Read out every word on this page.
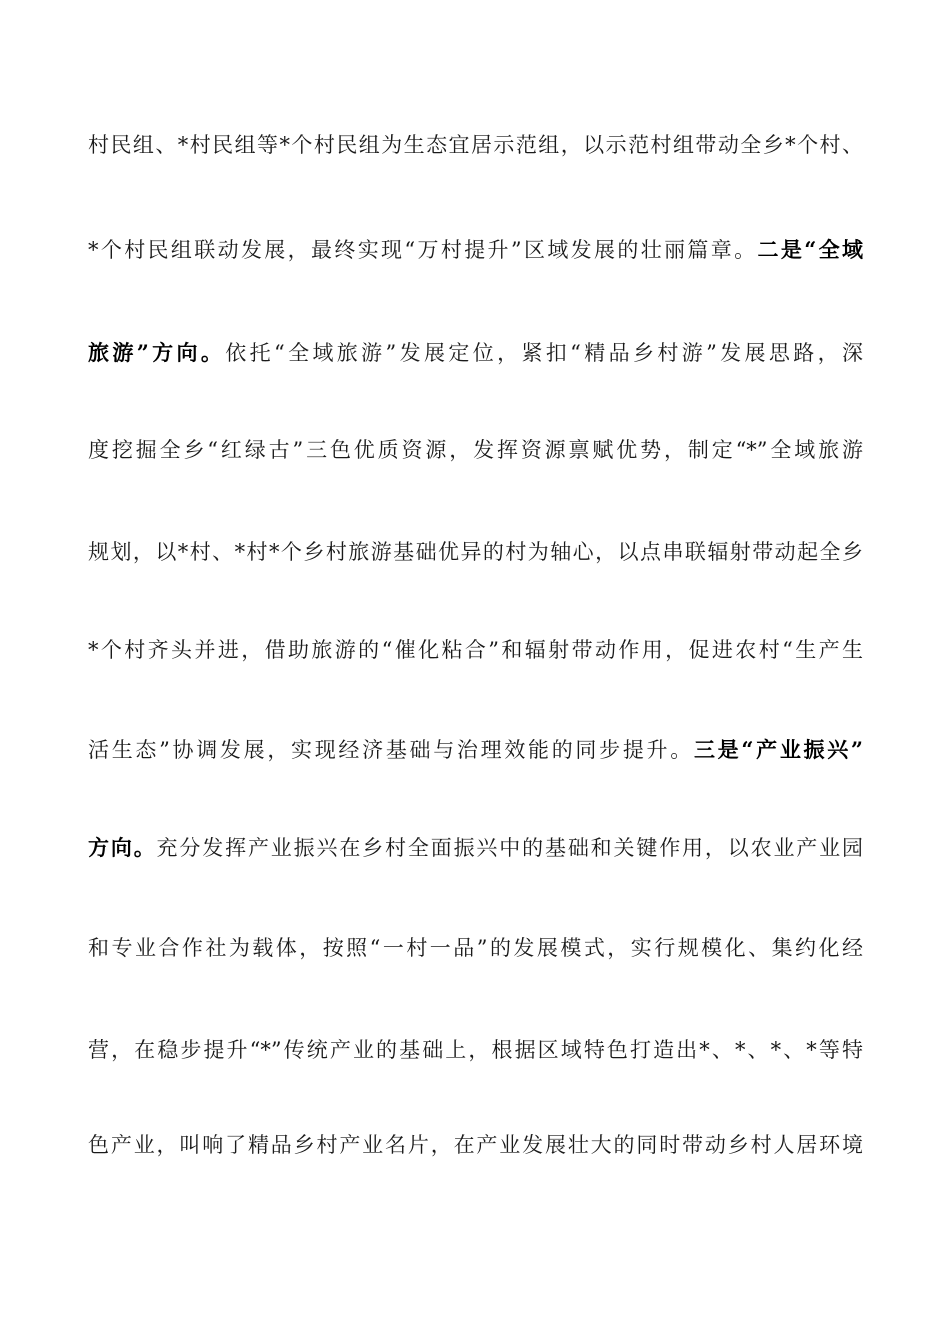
村民组、*村民组等*个村民组为生态宜居示范组，以示范村组带动全乡*个村、
*个村民组联动发展，最终实现“万村提升”区域发展的壮丽篇章。二是“全域
旅游”方向。依托“全域旅游”发展定位，紧扣“精品乡村游”发展思路，深
度挖掘全乡“红绿古”三色优质资源，发挥资源禀赋优势，制定“*”全域旅游
规划，以*村、*村*个乡村旅游基础优异的村为轴心，以点串联辐射带动起全乡
*个村齐头并进，借助旅游的“催化粘合”和辐射带动作用，促进农村“生产生
活生态”协调发展，实现经济基础与治理效能的同步提升。三是“产业振兴”
方向。充分发挥产业振兴在乡村全面振兴中的基础和关键作用，以农业产业园
和专业合作社为载体，按照“一村一品”的发展模式，实行规模化、集约化经
营，在稳步提升“*”传统产业的基础上，根据区域特色打造出*、*、*、*等特
色产业，叫响了精品乡村产业名片，在产业发展壮大的同时带动乡村人居环境
